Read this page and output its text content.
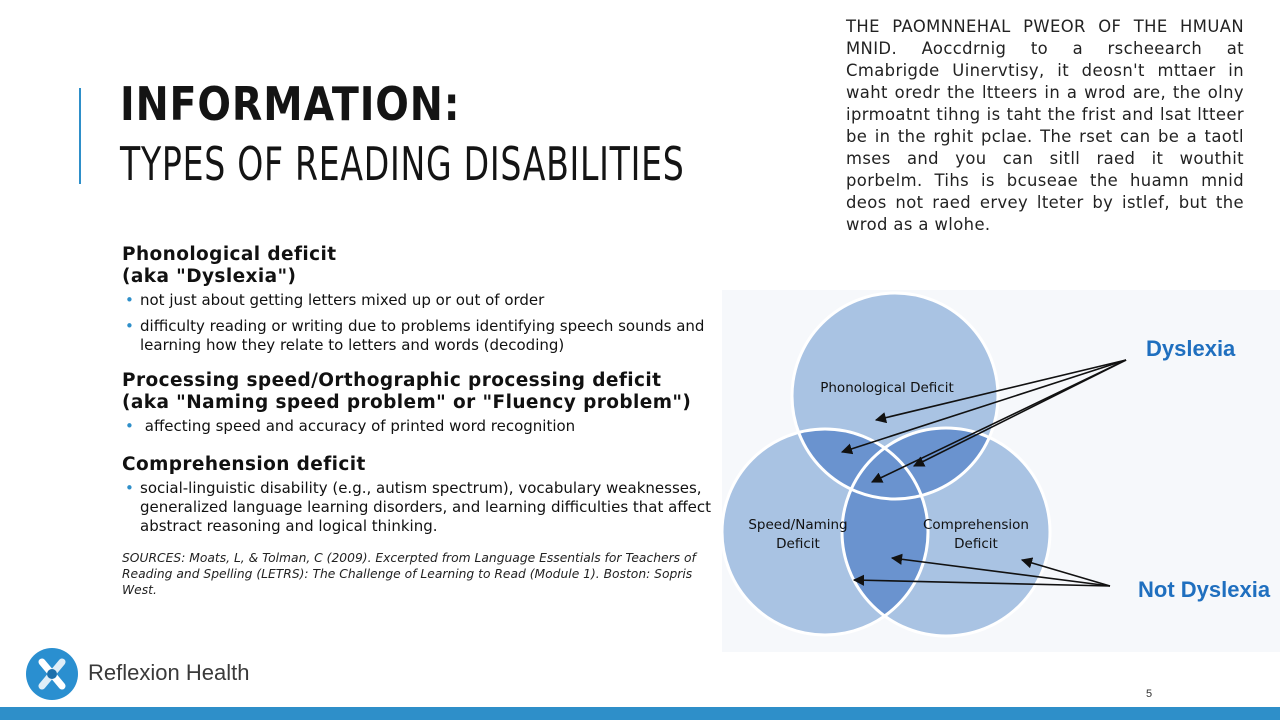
INFORMATION:
TYPES OF READING DISABILITIES
THE PAOMNNEHAL PWEOR OF THE HMUAN MNID. Aoccdrnig to a rscheearch at Cmabrigde Uinervtisy, it deosn't mttaer in waht oredr the ltteers in a wrod are, the olny iprmoatnt tihng is taht the frist and lsat ltteer be in the rghit pclae. The rset can be a taotl mses and you can sitll raed it wouthit porbelm. Tihs is bcuseae the huamn mnid deos not raed ervey lteter by istlef, but the wrod as a wlohe.

Phonological deficit
(aka "Dyslexia")

• not just about getting letters mixed up or out of order
• difficulty reading or writing due to problems identifying speech sounds and learning how they relate to letters and words (decoding)

Processing speed/Orthographic processing deficit
(aka "Naming speed problem" or "Fluency problem")

• affecting speed and accuracy of printed word recognition

Comprehension deficit

• social-linguistic disability (e.g., autism spectrum), vocabulary weaknesses, generalized language learning disorders, and learning difficulties that affect abstract reasoning and logical thinking.
SOURCES: Moats, L, & Tolman, C (2009). Excerpted from Language Essentials for Teachers of Reading and Spelling (LETRS): The Challenge of Learning to Read (Module 1). Boston: Sopris West.
Phonological Deficit
Speed/Naming
Deficit
Comprehension
Deficit
Dyslexia
Not Dyslexia
Reflexion Health
5
